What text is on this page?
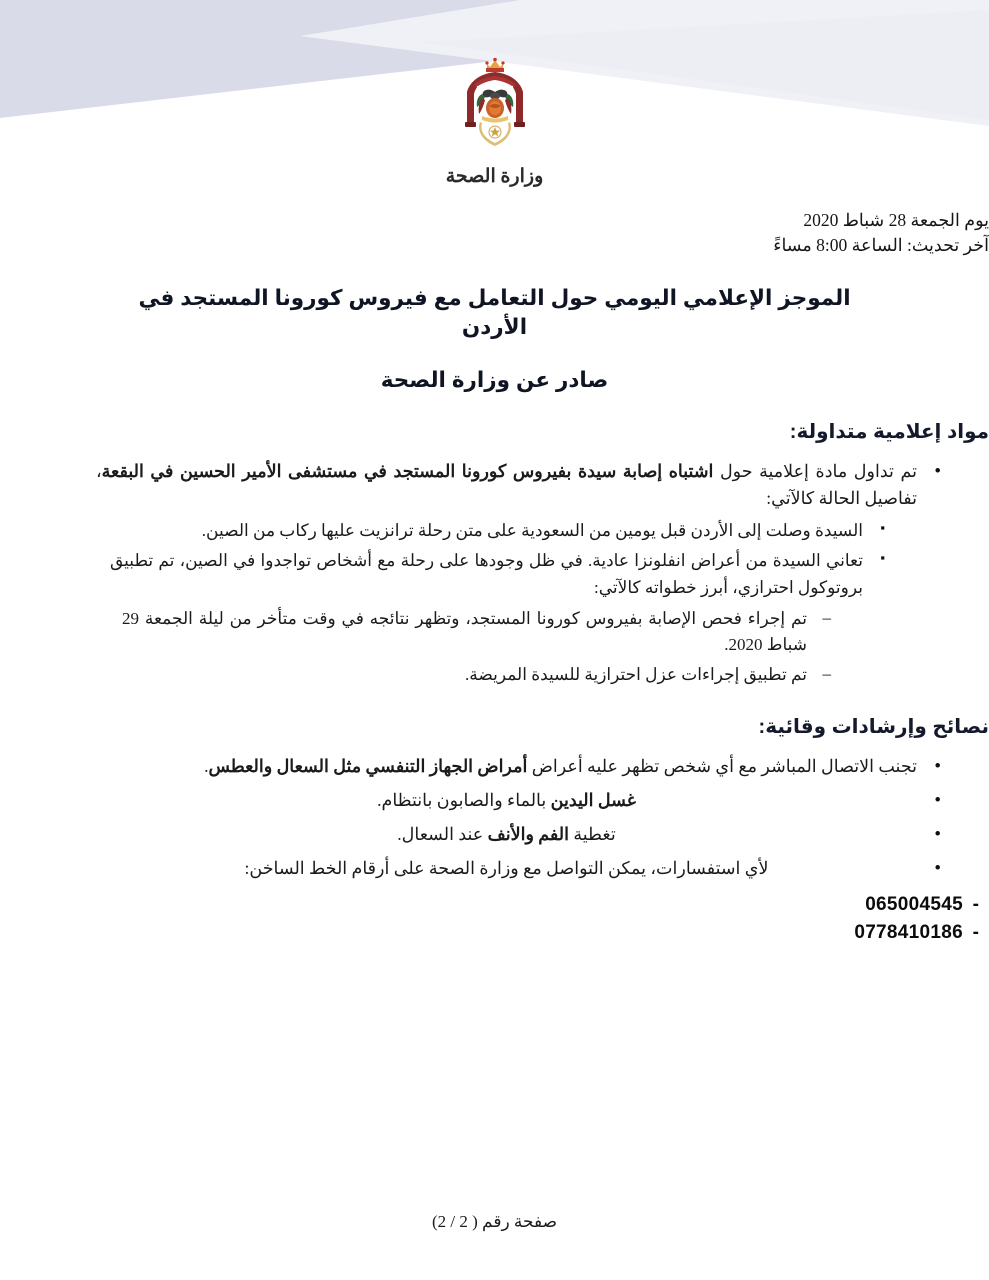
وزارة الصحة
يوم الجمعة 28 شباط 2020
آخر تحديث: الساعة 8:00 مساءً
الموجز الإعلامي اليومي حول التعامل مع فيروس كورونا المستجد في الأردن
صادر عن وزارة الصحة
مواد إعلامية متداولة:
• تم تداول مادة إعلامية حول اشتباه إصابة سيدة بفيروس كورونا المستجد في مستشفى الأمير الحسين في البقعة، تفاصيل الحالة كالآتي:
▪ السيدة وصلت إلى الأردن قبل يومين من السعودية على متن رحلة ترانزيت عليها ركاب من الصين.
▪ تعاني السيدة من أعراض انفلونزا عادية. في ظل وجودها على رحلة مع أشخاص تواجدوا في الصين، تم تطبيق بروتوكول احترازي، أبرز خطواته كالآتي:
– تم إجراء فحص الإصابة بفيروس كورونا المستجد، وتظهر نتائجه في وقت متأخر من ليلة الجمعة 29 شباط 2020.
– تم تطبيق إجراءات عزل احترازية للسيدة المريضة.
نصائح وإرشادات وقائية:
• تجنب الاتصال المباشر مع أي شخص تظهر عليه أعراض أمراض الجهاز التنفسي مثل السعال والعطس.
• غسل اليدين بالماء والصابون بانتظام.
• تغطية الفم والأنف عند السعال.
• لأي استفسارات، يمكن التواصل مع وزارة الصحة على أرقام الخط الساخن:
-065004545
-0778410186
صفحة رقم ( 2 / 2)
